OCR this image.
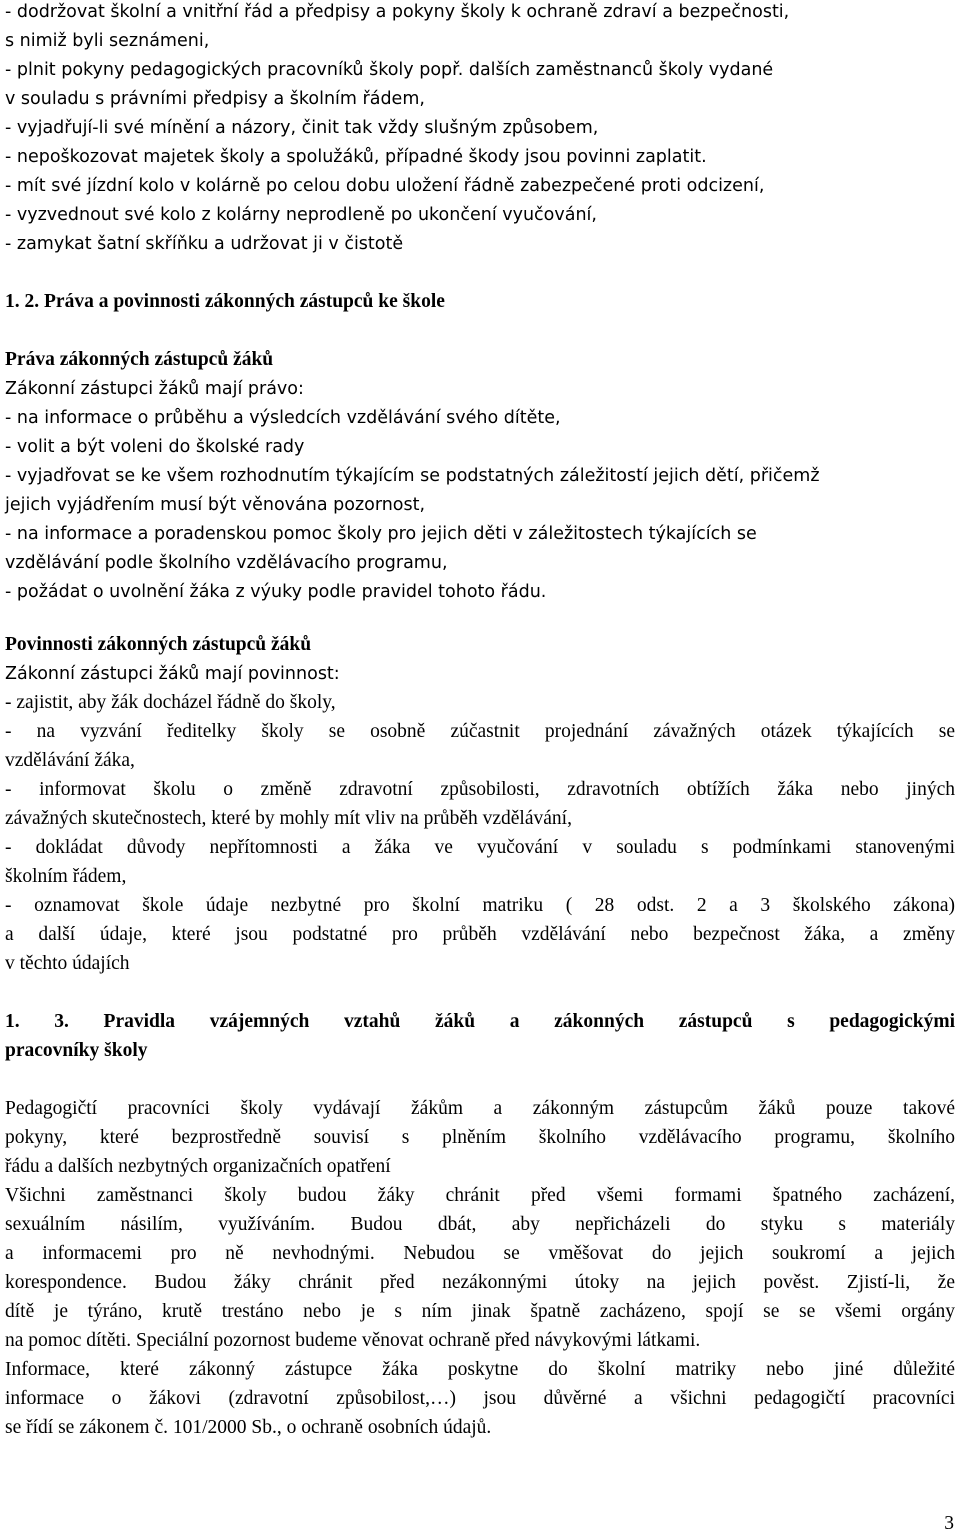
- dodržovat školní a vnitřní řád a předpisy a pokyny školy k ochraně zdraví a bezpečnosti,
s nimiž byli seznámeni,
- plnit pokyny pedagogických pracovníků školy popř. dalších zaměstnanců školy vydané
v souladu s právními předpisy a školním řádem,
- vyjadřují-li své mínění a názory, činit tak vždy slušným způsobem,
- nepoškozovat majetek školy a spolužáků, případné škody jsou povinni zaplatit.
- mít své jízdní kolo v kolárně po celou dobu uložení řádně zabezpečené proti odcizení,
- vyzvednout své kolo z kolárny neprodleně po ukončení vyučování,
- zamykat šatní skříňku a udržovat ji v čistotě
1. 2. Práva a povinnosti zákonných zástupců ke škole
Práva zákonných zástupců žáků
Zákonní zástupci žáků mají právo:
- na informace o průběhu a výsledcích vzdělávání svého dítěte,
- volit a být voleni do školské rady
- vyjadřovat se ke všem rozhodnutím týkajícím se podstatných záležitostí jejich dětí, přičemž
jejich vyjádřením musí být věnována pozornost,
- na informace a poradenskou pomoc školy pro jejich děti v záležitostech týkajících se
vzdělávání podle školního vzdělávacího programu,
- požádat o uvolnění žáka z výuky podle pravidel tohoto řádu.
Povinnosti zákonných zástupců žáků
Zákonní zástupci žáků mají povinnost:
- zajistit, aby žák docházel řádně do školy,
- na vyzvání ředitelky školy se osobně zúčastnit projednání závažných otázek týkajících se
vzdělávání žáka,
- informovat školu o změně zdravotní způsobilosti, zdravotních obtížích žáka nebo jiných
závažných skutečnostech, které by mohly mít vliv na průběh vzdělávání,
- dokládat důvody nepřítomnosti a žáka ve vyučování v souladu s podmínkami stanovenými
školním řádem,
- oznamovat škole údaje nezbytné pro školní matriku ( 28 odst. 2 a 3 školského zákona)
a další údaje, které jsou podstatné pro průběh vzdělávání nebo bezpečnost žáka, a změny
v těchto údajích
1. 3. Pravidla vzájemných vztahů žáků a zákonných zástupců s pedagogickými
pracovníky školy
Pedagogičtí pracovníci školy vydávají žákům a zákonným zástupcům žáků pouze takové
pokyny, které bezprostředně souvisí s plněním školního vzdělávacího programu, školního
řádu a dalších nezbytných organizačních opatření
Všichni zaměstnanci školy budou žáky chránit před všemi formami špatného zacházení,
sexuálním násilím, využíváním. Budou dbát, aby nepřicházeli do styku s materiály
a informacemi pro ně nevhodnými. Nebudou se vměšovat do jejich soukromí a jejich
korespondence. Budou žáky chránit před nezákonnými útoky na jejich pověst. Zjistí-li, že
dítě je týráno, krutě trestáno nebo je s ním jinak špatně zacházeno, spojí se se všemi orgány
na pomoc dítěti. Speciální pozornost budeme věnovat ochraně před návykovými látkami.
Informace, které zákonný zástupce žáka poskytne do školní matriky nebo jiné důležité
informace o žákovi (zdravotní způsobilost,…) jsou důvěrné a všichni pedagogičtí pracovníci
se řídí se zákonem č. 101/2000 Sb., o ochraně osobních údajů.
3
